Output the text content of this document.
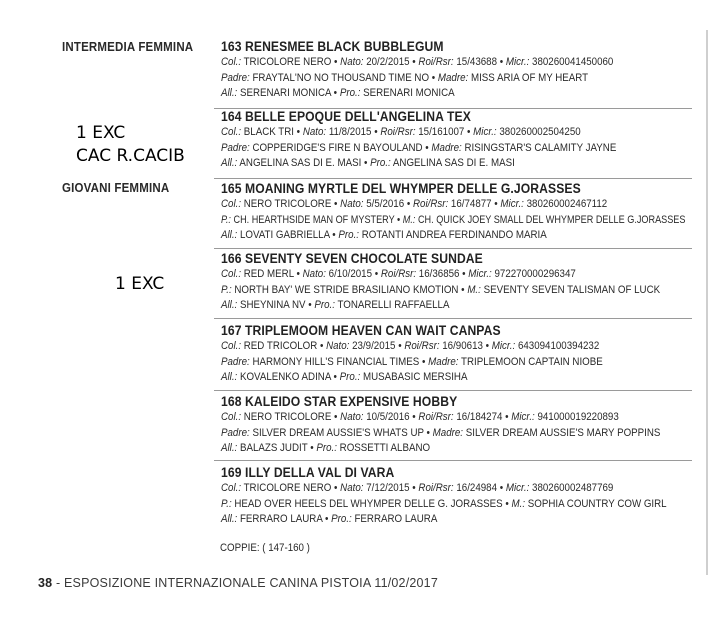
INTERMEDIA FEMMINA
GIOVANI FEMMINA
1 EXC
CAC R.CACIB
1 EXC
163 RENESMEE BLACK BUBBLEGUM
Col.: TRICOLORE NERO • Nato: 20/2/2015 • Roi/Rsr: 15/43688 • Micr.: 380260041450060
Padre: FRAYTAL'NO NO THOUSAND TIME NO • Madre: MISS ARIA OF MY HEART
All.: SERENARI MONICA • Pro.: SERENARI MONICA
164 BELLE EPOQUE DELL'ANGELINA TEX
Col.: BLACK TRI • Nato: 11/8/2015 • Roi/Rsr: 15/161007 • Micr.: 380260002504250
Padre: COPPERIDGE'S FIRE N BAYOULAND • Madre: RISINGSTAR'S CALAMITY JAYNE
All.: ANGELINA SAS DI E. MASI • Pro.: ANGELINA SAS DI E. MASI
165 MOANING MYRTLE DEL WHYMPER DELLE G.JORASSES
Col.: NERO TRICOLORE • Nato: 5/5/2016 • Roi/Rsr: 16/74877 • Micr.: 380260002467112
P.: CH. HEARTHSIDE MAN OF MYSTERY • M.: CH. QUICK JOEY SMALL DEL WHYMPER DELLE G.JORASSES
All.: LOVATI GABRIELLA • Pro.: ROTANTI ANDREA FERDINANDO MARIA
166 SEVENTY SEVEN CHOCOLATE SUNDAE
Col.: RED MERL • Nato: 6/10/2015 • Roi/Rsr: 16/36856 • Micr.: 972270000296347
P.: NORTH BAY' WE STRIDE BRASILIANO KMOTION • M.: SEVENTY SEVEN TALISMAN OF LUCK
All.: SHEYNINA NV • Pro.: TONARELLI RAFFAELLA
167 TRIPLEMOOM HEAVEN CAN WAIT CANPAS
Col.: RED TRICOLOR • Nato: 23/9/2015 • Roi/Rsr: 16/90613 • Micr.: 643094100394232
Padre: HARMONY HILL'S FINANCIAL TIMES • Madre: TRIPLEMOON CAPTAIN NIOBE
All.: KOVALENKO ADINA • Pro.: MUSABASIC MERSIHA
168 KALEIDO STAR EXPENSIVE HOBBY
Col.: NERO TRICOLORE • Nato: 10/5/2016 • Roi/Rsr: 16/184274 • Micr.: 941000019220893
Padre: SILVER DREAM AUSSIE'S WHATS UP • Madre: SILVER DREAM AUSSIE'S MARY POPPINS
All.: BALAZS JUDIT • Pro.: ROSSETTI ALBANO
169 ILLY DELLA VAL DI VARA
Col.: TRICOLORE NERO • Nato: 7/12/2015 • Roi/Rsr: 16/24984 • Micr.: 380260002487769
P.: HEAD OVER HEELS DEL WHYMPER DELLE G. JORASSES • M.: SOPHIA COUNTRY COW GIRL
All.: FERRARO LAURA • Pro.: FERRARO LAURA
COPPIE: ( 147-160 )
38 - ESPOSIZIONE INTERNAZIONALE CANINA PISTOIA 11/02/2017
